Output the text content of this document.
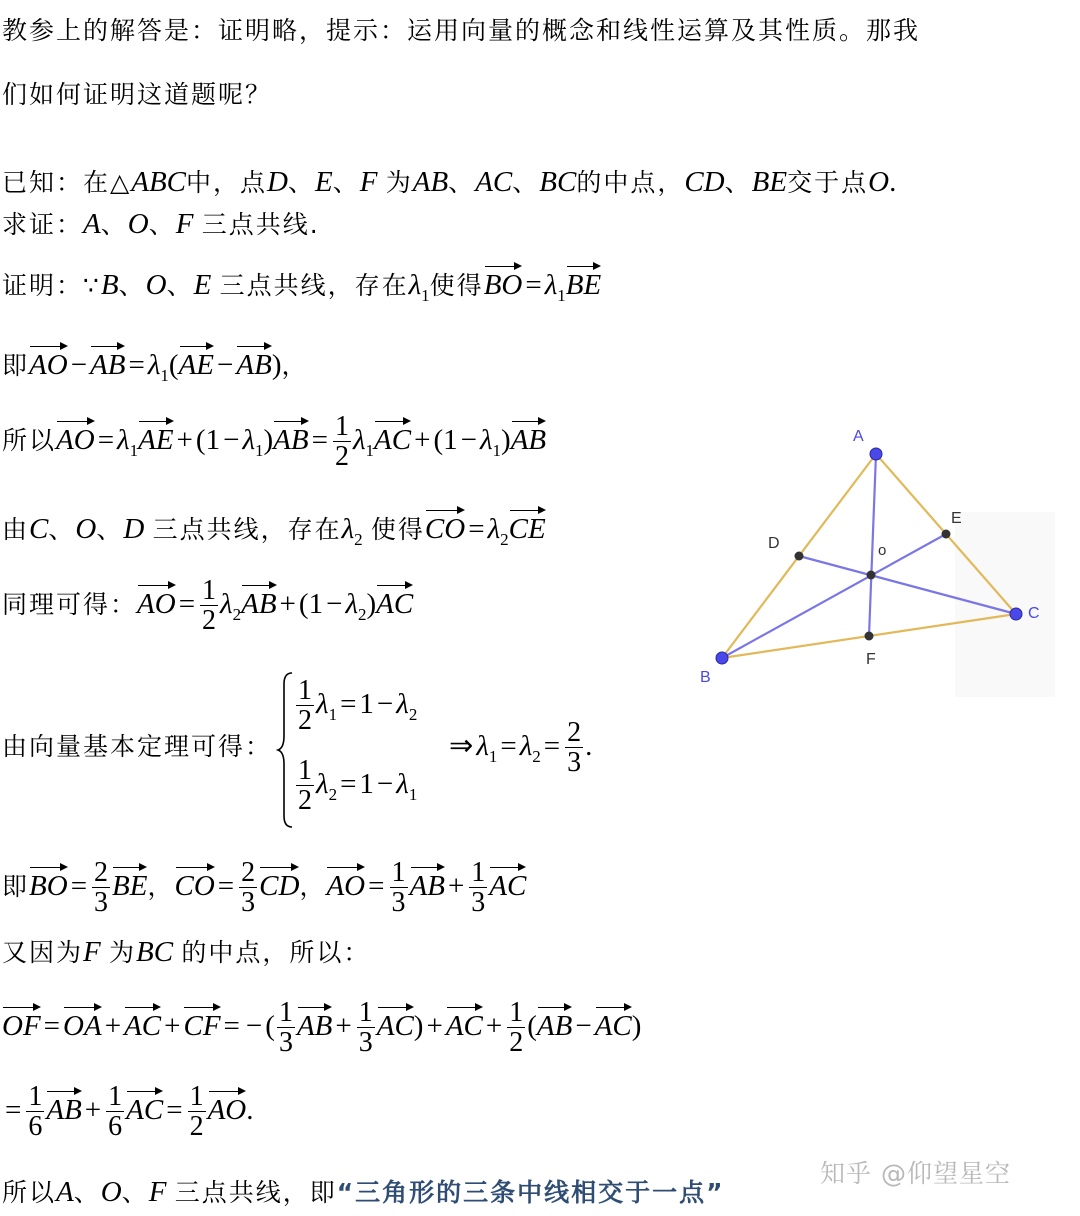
教参上的解答是：证明略，提示：运用向量的概念和线性运算及其性质。那我
们如何证明这道题呢？
已知：在△ABC中，点D、E、F 为AB、AC、BC的中点，CD、BE交于点O.
求证：A、O、F 三点共线.
证明：∵B、O、E 三点共线，存在$\lambda_1$使得BO = $\lambda_1BE$
即AO − AB = $\lambda_1(AE - AB)$，
所以AO = $\lambda_1AE + (1 - \lambda_1)AB = \frac{1}{2} \lambda_1AC + (1 - \lambda_1)AB$
由C、O、D 三点共线，存在$\lambda_2$ 使得CO = $\lambda_2CE$
同理可得：AO = $\frac{1}{2} \lambda_2AB + (1 - \lambda_2)AC$
由向量基本定理可得：
$\frac{1}{2} \lambda_1 = 1 - \lambda_2$
$\frac{1}{2} \lambda_2 = 1 - \lambda_1$
⇒ $\lambda_1 = \lambda_2 = \frac{2}{3}$ .
即BO = $\frac{2}{3}$ BE，CO = $\frac{2}{3}$ CD，AO = $\frac{1}{3}$ AB + $\frac{1}{3}$ AC
又因为F 为BC 的中点，所以：
OF = OA + AC + CF = − ( $\frac{1}{3}$ AB + $\frac{1}{3} AC$) + AC + $\frac{1}{2} (AB - AC)$
= $\frac{1}{6}$ AB + $\frac{1}{6}$ AC = $\frac{1}{2}$ AO.
所以A、O、F 三点共线，即“三角形的三条中线相交于一点”
知乎 @仰望星空
A
B
C
D
E
F
o
